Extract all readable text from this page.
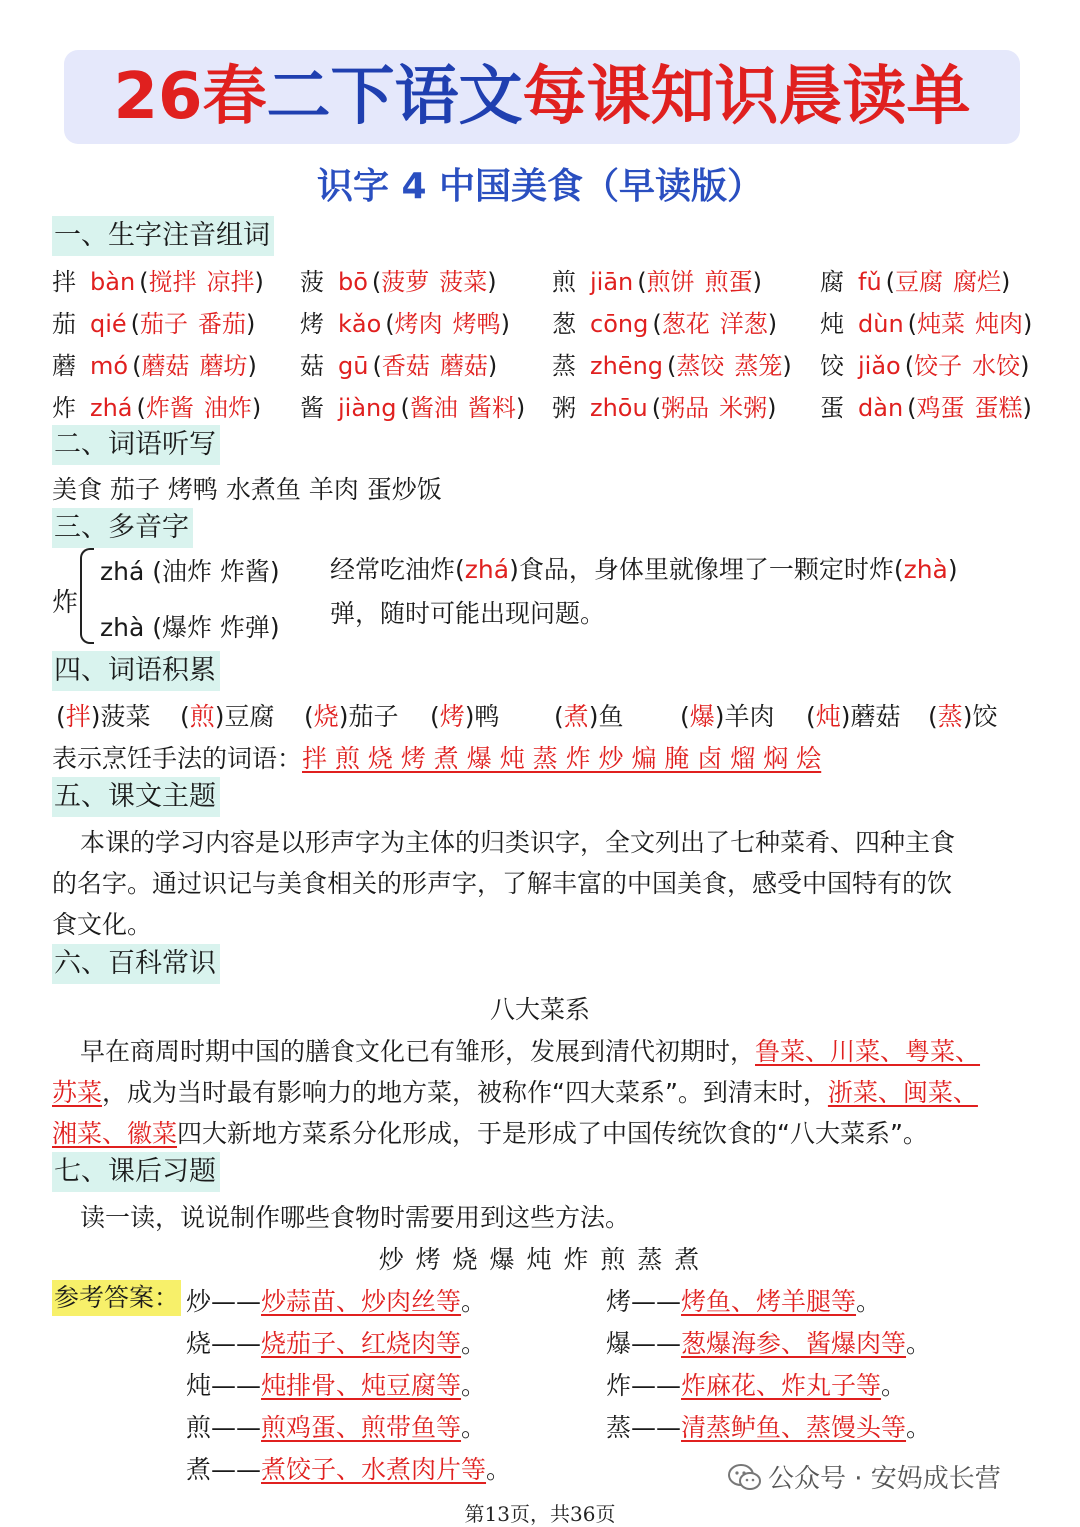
26春二下语文每课知识晨读单
识字 4 中国美食（早读版）
一、生字注音组词
拌 bàn (搅拌 凉拌) 菠 bō (菠萝 菠菜) 煎 jiān (煎饼 煎蛋) 腐 fǔ (豆腐 腐烂)
茄 qié (茄子 番茄) 烤 kǎo (烤肉 烤鸭) 葱 cōng (葱花 洋葱) 炖 dùn (炖菜 炖肉)
蘑 mó (蘑菇 蘑坊) 菇 gū (香菇 蘑菇) 蒸 zhēng (蒸饺 蒸笼) 饺 jiǎo (饺子 水饺)
炸 zhá (炸酱 油炸) 酱 jiàng (酱油 酱料) 粥 zhōu (粥品 米粥) 蛋 dàn (鸡蛋 蛋糕)
二、词语听写
美食 茄子 烤鸭 水煮鱼 羊肉 蛋炒饭
三、多音字
炸
zhá (油炸 炸酱)
zhà (爆炸 炸弹)
经常吃油炸(zhá)食品，身体里就像埋了一颗定时炸(zhà)
弹，随时可能出现问题。
四、词语积累
(拌)菠菜 (煎)豆腐 (烧)茄子 (烤)鸭 (煮)鱼 (爆)羊肉 (炖)蘑菇 (蒸)饺
表示烹饪手法的词语：拌 煎 烧 烤 煮 爆 炖 蒸 炸 炒 煸 腌 卤 熘 焖 烩
五、课文主题
本课的学习内容是以形声字为主体的归类识字，全文列出了七种菜肴、四种主食
的名字。通过识记与美食相关的形声字，了解丰富的中国美食，感受中国特有的饮
食文化。
六、百科常识
八大菜系
早在商周时期中国的膳食文化已有雏形，发展到清代初期时，鲁菜、川菜、粤菜、
苏菜，成为当时最有影响力的地方菜，被称作“四大菜系”。到清末时，浙菜、闽菜、
湘菜、徽菜四大新地方菜系分化形成，于是形成了中国传统饮食的“八大菜系”。
七、课后习题
读一读，说说制作哪些食物时需要用到这些方法。
炒 烤 烧 爆 炖 炸 煎 蒸 煮
参考答案： 炒——炒蒜苗、炒肉丝等。	烤——烤鱼、烤羊腿等。
烧——烧茄子、红烧肉等。	爆——葱爆海参、酱爆肉等。
炖——炖排骨、炖豆腐等。	炸——炸麻花、炸丸子等。
煎——煎鸡蛋、煎带鱼等。	蒸——清蒸鲈鱼、蒸馒头等。
煮——煮饺子、水煮肉片等。	公众号 · 安妈成长营
第13页，共36页
